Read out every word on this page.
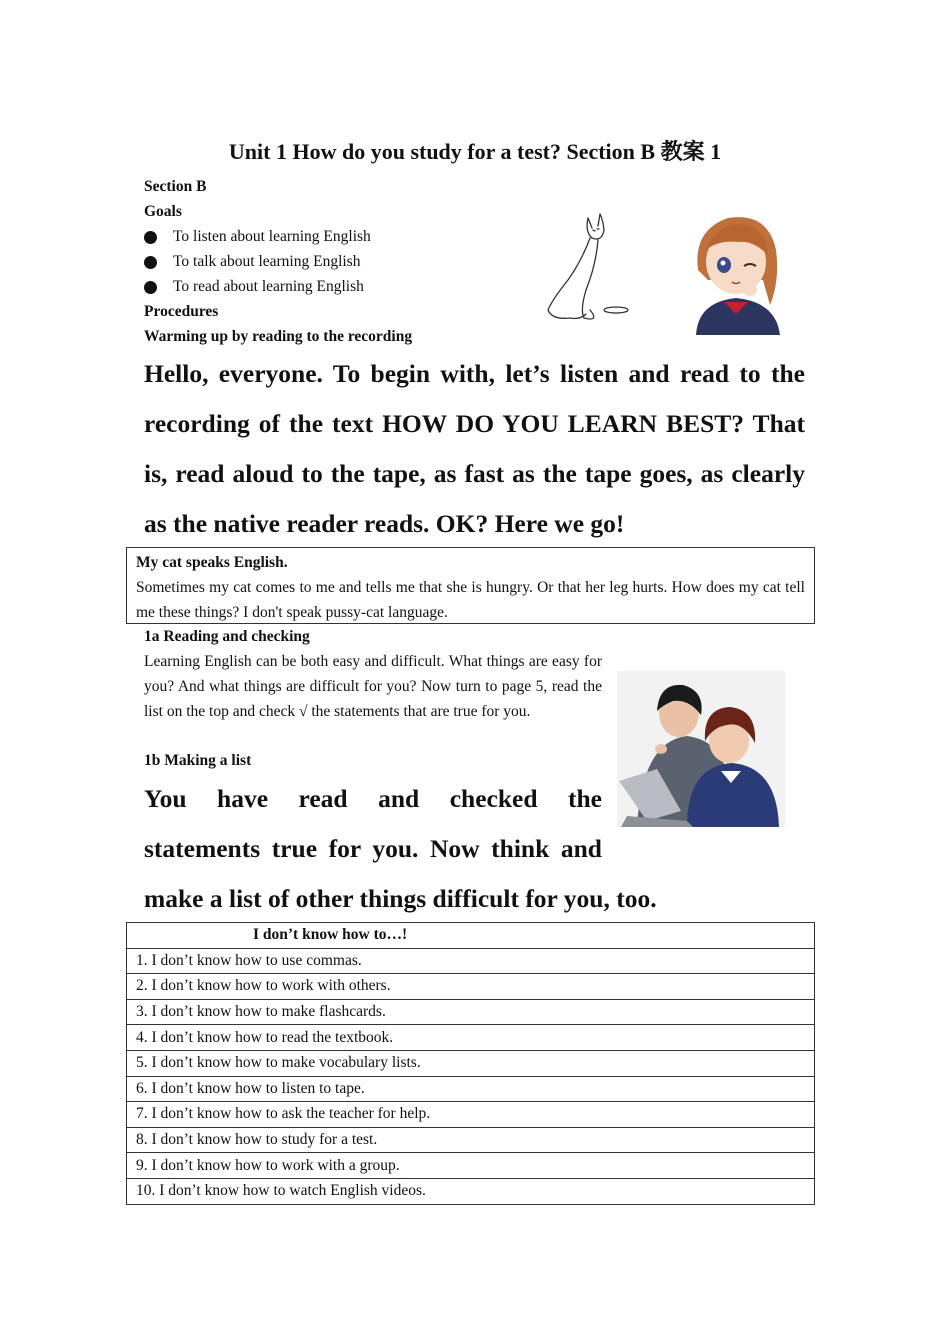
Unit 1 How do you study for a test? Section B 教案 1
Section B
Goals
To listen about learning English
To talk about learning English
To read about learning English
Procedures
Warming up by reading to the recording
Hello, everyone. To begin with, let’s listen and read to the
recording of the text HOW DO YOU LEARN BEST? That
is, read aloud to the tape, as fast as the tape goes, as clearly
as the native reader reads. OK? Here we go!
My cat speaks English.
Sometimes my cat comes to me and tells me that she is hungry. Or that her leg hurts. How does my cat tell me these things? I don't speak pussy-cat language.
1a Reading and checking
Learning English can be both easy and difficult. What things are easy for you? And what things are difficult for you? Now turn to page 5, read the list on the top and check √ the statements that are true for you.
1b Making a list
You have read and checked the
statements true for you. Now think and
make a list of other things difficult for you, too.
I don’t know how to…!
1. I don’t know how to use commas.
2. I don’t know how to work with others.
3. I don’t know how to make flashcards.
4. I don’t know how to read the textbook.
5. I don’t know how to make vocabulary lists.
6. I don’t know how to listen to tape.
7. I don’t know how to ask the teacher for help.
8. I don’t know how to study for a test.
9. I don’t know how to work with a group.
10. I don’t know how to watch English videos.
